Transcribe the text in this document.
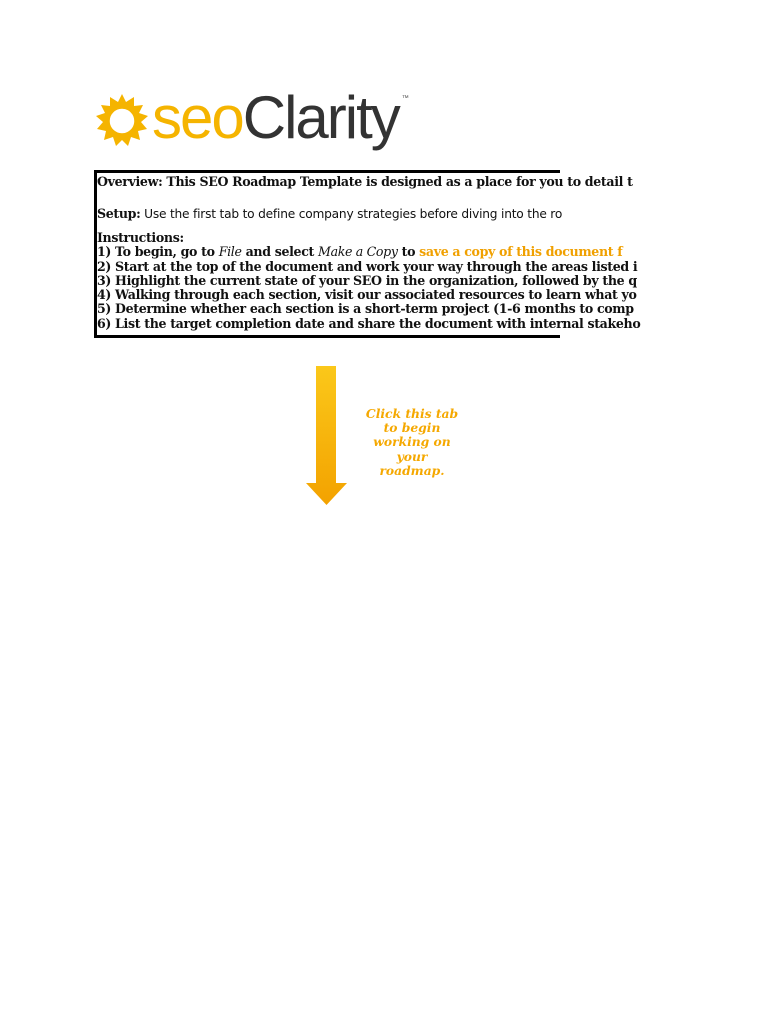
seoClarity ™
Overview: This SEO Roadmap Template is designed as a place for you to detail t
Setup: Use the first tab to define company strategies before diving into the ro
Instructions:
1) To begin, go to File and select Make a Copy to save a copy of this document f
2) Start at the top of the document and work your way through the areas listed i
3) Highlight the current state of your SEO in the organization, followed by the q
4) Walking through each section, visit our associated resources to learn what yo
5) Determine whether each section is a short-term project (1-6 months to comp
6) List the target completion date and share the document with internal stakeho
Click this tab
to begin
working on
your
roadmap.
